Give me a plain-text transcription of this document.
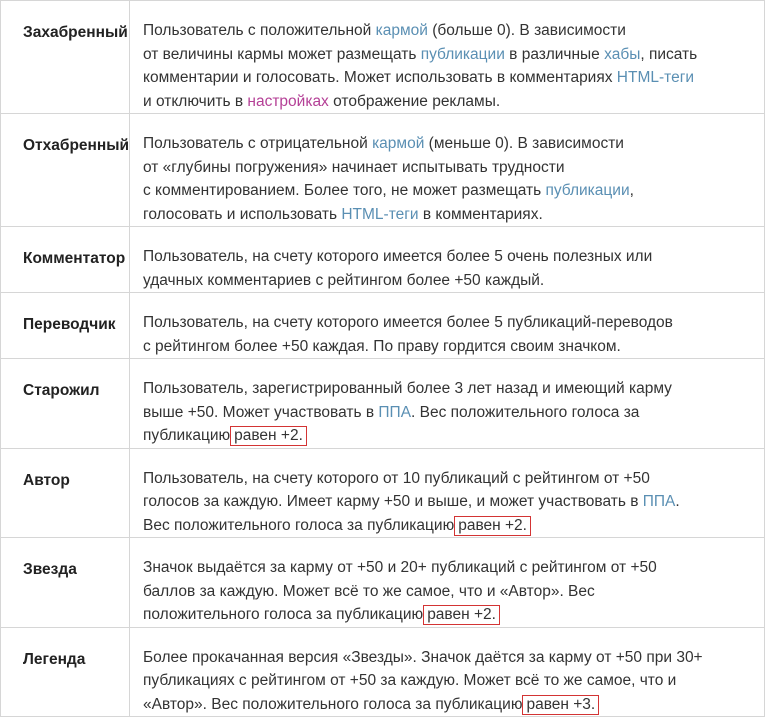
Захабренный	Пользователь с положительной кармой (больше 0). В зависимости
от величины кармы может размещать публикации в различные хабы, писать
комментарии и голосовать. Может использовать в комментариях HTML-теги
и отключить в настройках отображение рекламы.

Отхабренный	Пользователь с отрицательной кармой (меньше 0). В зависимости
от «глубины погружения» начинает испытывать трудности
с комментированием. Более того, не может размещать публикации,
голосовать и использовать HTML-теги в комментариях.

Комментатор	Пользователь, на счету которого имеется более 5 очень полезных или
удачных комментариев с рейтингом более +50 каждый.

Переводчик	Пользователь, на счету которого имеется более 5 публикаций-переводов
с рейтингом более +50 каждая. По праву гордится своим значком.

Старожил	Пользователь, зарегистрированный более 3 лет назад и имеющий карму
выше +50. Может участвовать в ППА. Вес положительного голоса за
публикацию равен +2.

Автор	Пользователь, на счету которого от 10 публикаций с рейтингом от +50
голосов за каждую. Имеет карму +50 и выше, и может участвовать в ППА.
Вес положительного голоса за публикацию равен +2.

Звезда	Значок выдаётся за карму от +50 и 20+ публикаций с рейтингом от +50
баллов за каждую. Может всё то же самое, что и «Автор». Вес
положительного голоса за публикацию равен +2.

Легенда	Более прокачанная версия «Звезды». Значок даётся за карму от +50 при 30+
публикациях с рейтингом от +50 за каждую. Может всё то же самое, что и
«Автор». Вес положительного голоса за публикацию равен +3.
